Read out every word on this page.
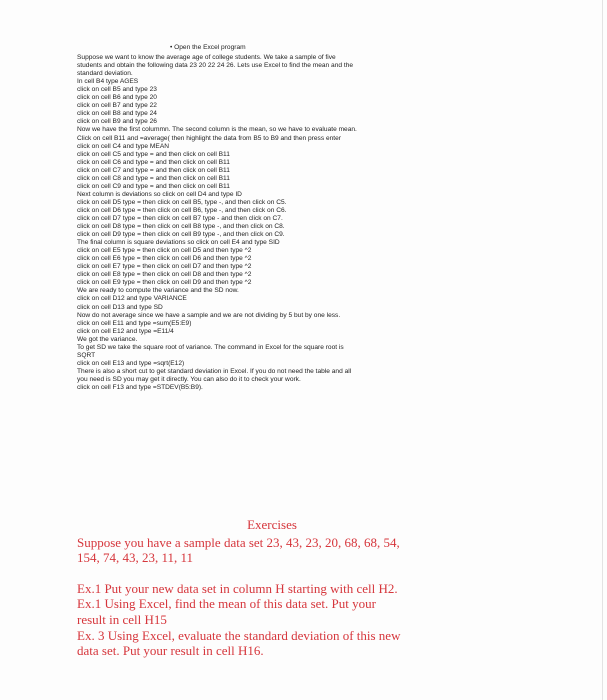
• Open the Excel program
Suppose we want to know the average age of college students. We take a sample of five
students and obtain the following data 23 20 22 24 26. Lets use Excel to find the mean and the
standard deviation.
In cell B4 type AGES
click on cell B5 and type 23
click on cell B6 and type 20
click on cell B7 and type 22
click on cell B8 and type 24
click on cell B9 and type 26
Now we have the first colummn. The second column is the mean, so we have to evaluate mean.
Click on cell B11 and =average( then highlight the data from B5 to B9 and then press enter
click on cell C4 and type MEAN
click on cell C5 and type = and then click on cell B11
click on cell C6 and type = and then click on cell B11
click on cell C7 and type = and then click on cell B11
click on cell C8 and type = and then click on cell B11
click on cell C9 and type = and then click on cell B11
Next column is deviations so click on cell D4 and type ID
click on cell D5 type = then click on cell B5, type -, and then click on C5.
click on cell D6 type = then click on cell B6, type -, and then click on C6.
click on cell D7 type = then click on cell B7 type - and then click on C7.
click on cell D8 type = then click on cell B8 type -, and then click on C8.
click on cell D9 type = then click on cell B9 type -, and then click on C9.
The final column is square deviations so click on cell E4 and type SID
click on cell E5 type = then click on cell D5 and then type ^2
click on cell E6 type = then click on cell D6 and then type ^2
click on cell E7 type = then click on cell D7 and then type ^2
click on cell E8 type = then click on cell D8 and then type ^2
click on cell E9 type = then click on cell D9 and then type ^2
We are ready to compute the variance and the SD now.
click on cell D12 and type VARIANCE
click on cell D13 and type SD
Now do not average since we have a sample and we are not dividing by 5 but by one less.
click on cell E11 and type =sum(E5:E9)
click on cell E12 and type =E11/4
We got the variance.
To get SD we take the square root of variance. The command in Excel for the square root is
SQRT
click on cell E13 and type =sqrt(E12)
There is also a short cut to get standard deviation in Excel. If you do not need the table and all
you need is SD you may get it directly. You can also do it to check your work.
click on cell F13 and type =STDEV(B5:B9).
Exercises
Suppose you have a sample data set 23, 43, 23, 20, 68, 68, 54,
154, 74, 43, 23, 11, 11
Ex.1 Put your new data set in column H starting with cell H2.
Ex.1 Using Excel, find the mean of this data set. Put your
result in cell H15
Ex. 3 Using Excel, evaluate the standard deviation of this new
data set. Put your result in cell H16.
